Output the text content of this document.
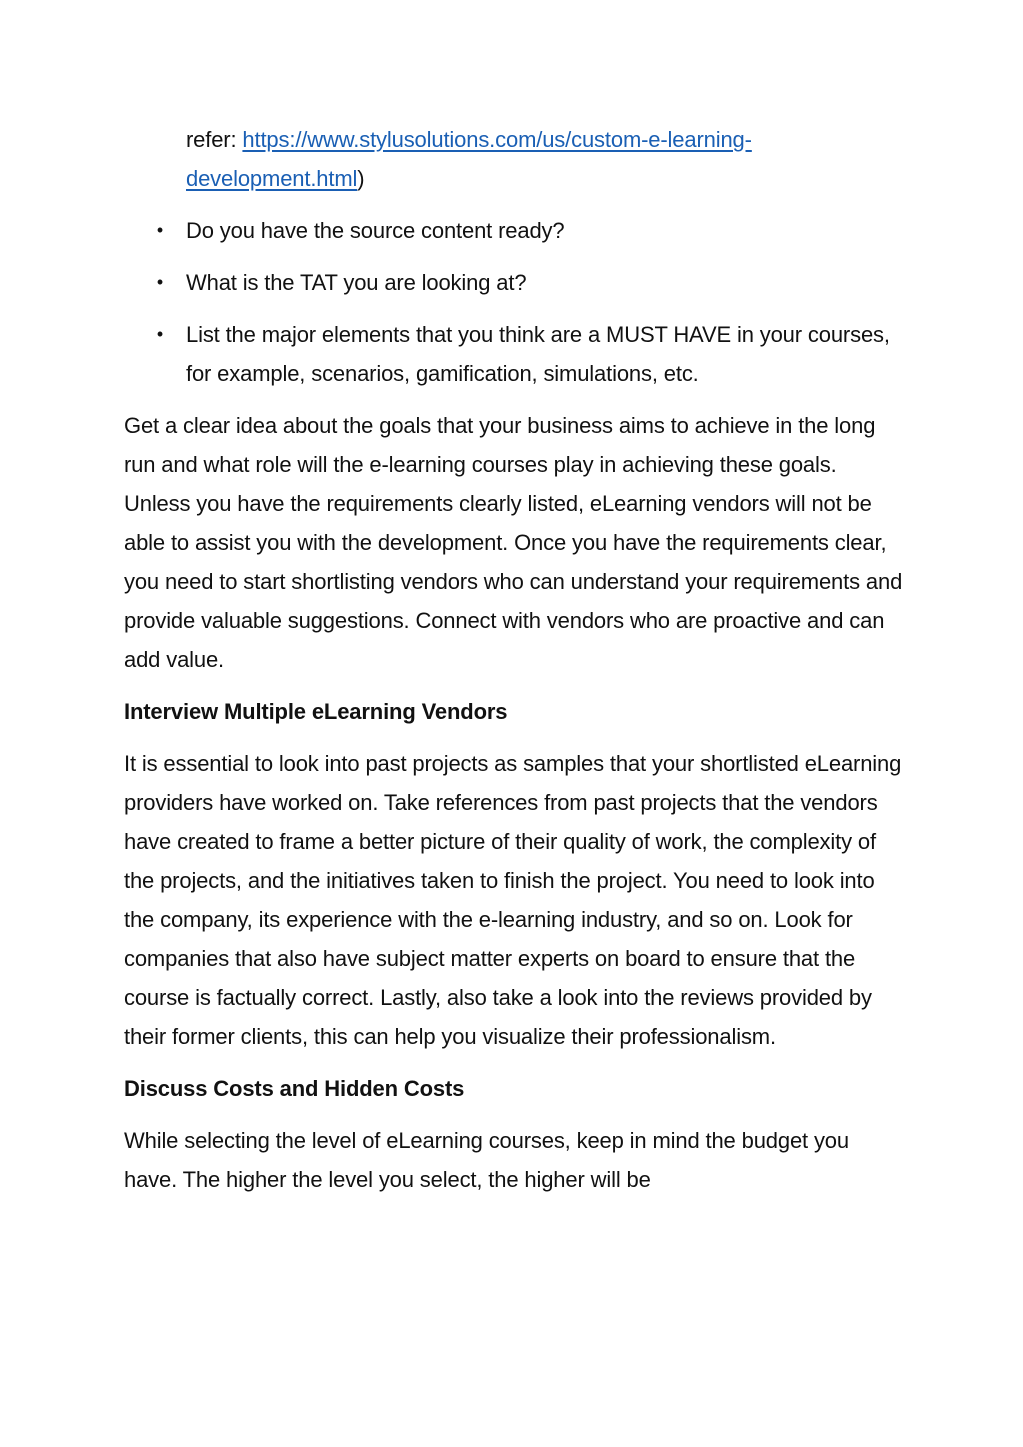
refer: https://www.stylusolutions.com/us/custom-e-learning-development.html)
• Do you have the source content ready?
• What is the TAT you are looking at?
• List the major elements that you think are a MUST HAVE in your courses, for example, scenarios, gamification, simulations, etc.

Get a clear idea about the goals that your business aims to achieve in the long run and what role will the e-learning courses play in achieving these goals. Unless you have the requirements clearly listed, eLearning vendors will not be able to assist you with the development. Once you have the requirements clear, you need to start shortlisting vendors who can understand your requirements and provide valuable suggestions. Connect with vendors who are proactive and can add value.

Interview Multiple eLearning Vendors

It is essential to look into past projects as samples that your shortlisted eLearning providers have worked on. Take references from past projects that the vendors have created to frame a better picture of their quality of work, the complexity of the projects, and the initiatives taken to finish the project. You need to look into the company, its experience with the e-learning industry, and so on. Look for companies that also have subject matter experts on board to ensure that the course is factually correct. Lastly, also take a look into the reviews provided by their former clients, this can help you visualize their professionalism.

Discuss Costs and Hidden Costs

While selecting the level of eLearning courses, keep in mind the budget you have. The higher the level you select, the higher will be
